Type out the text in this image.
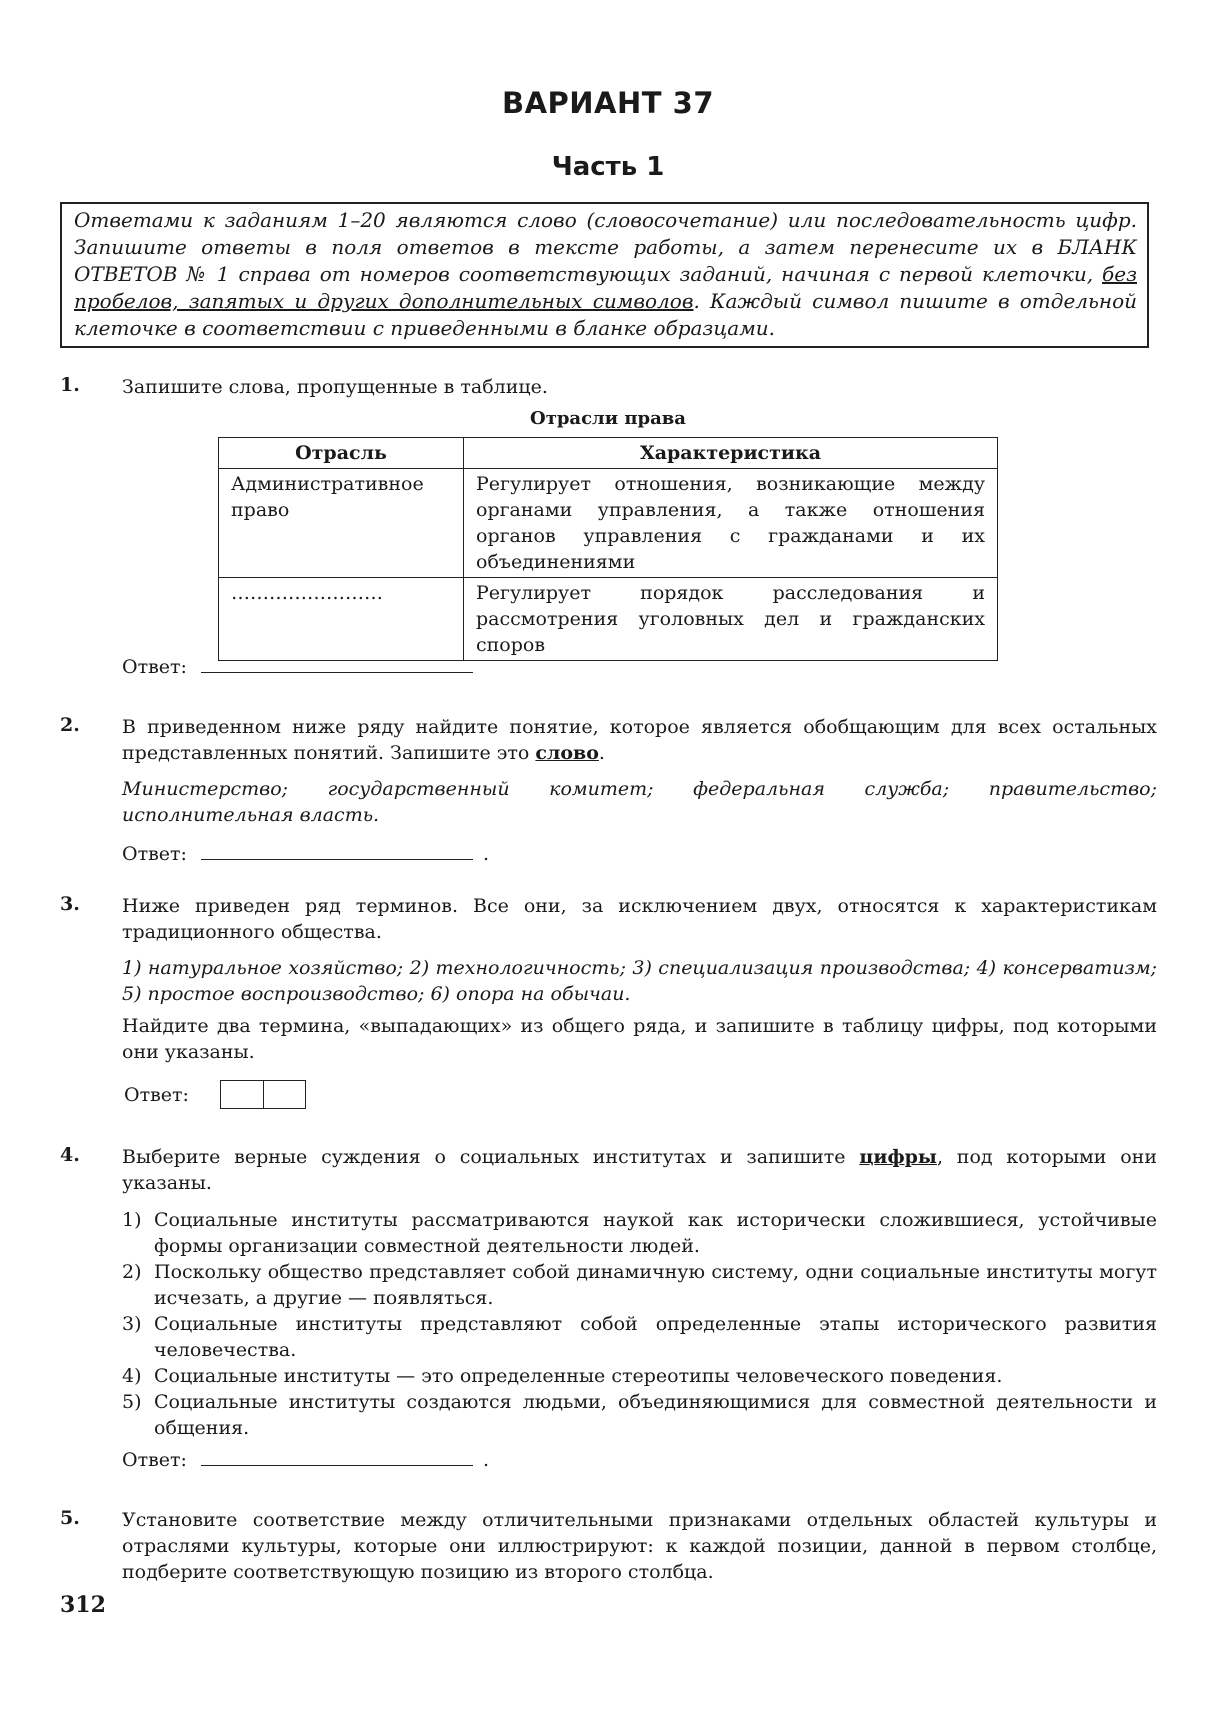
ВАРИАНТ 37
Часть 1
Ответами к заданиям 1–20 являются слово (словосочетание) или последовательность цифр. Запишите ответы в поля ответов в тексте работы, а затем перенесите их в БЛАНК ОТВЕТОВ № 1 справа от номеров соответствующих заданий, начиная с первой клеточки, без пробелов, запятых и других дополнительных символов. Каждый символ пишите в отдельной клеточке в соответствии с приведенными в бланке образцами.
1. Запишите слова, пропущенные в таблице.
Отрасли права
Отрасль	Характеристика
Административное право	Регулирует отношения, возникающие между органами управления, а также отношения органов управления с гражданами и их объединениями
……………………	Регулирует порядок расследования и рассмотрения уголовных дел и гражданских споров
Ответ:
2. В приведенном ниже ряду найдите понятие, которое является обобщающим для всех остальных представленных понятий. Запишите это слово.
Министерство; государственный комитет; федеральная служба; правительство; исполнительная власть.
Ответ:	.
3. Ниже приведен ряд терминов. Все они, за исключением двух, относятся к характеристикам традиционного общества.
1) натуральное хозяйство; 2) технологичность; 3) специализация производства; 4) консерватизм; 5) простое воспроизводство; 6) опора на обычаи.
Найдите два термина, «выпадающих» из общего ряда, и запишите в таблицу цифры, под которыми они указаны.
Ответ:
4. Выберите верные суждения о социальных институтах и запишите цифры, под которыми они указаны.
1) Социальные институты рассматриваются наукой как исторически сложившиеся, устойчивые формы организации совместной деятельности людей.
2) Поскольку общество представляет собой динамичную систему, одни социальные институты могут исчезать, а другие — появляться.
3) Социальные институты представляют собой определенные этапы исторического развития человечества.
4) Социальные институты — это определенные стереотипы человеческого поведения.
5) Социальные институты создаются людьми, объединяющимися для совместной деятельности и общения.
Ответ:	.
5. Установите соответствие между отличительными признаками отдельных областей культуры и отраслями культуры, которые они иллюстрируют: к каждой позиции, данной в первом столбце, подберите соответствующую позицию из второго столбца.
312
